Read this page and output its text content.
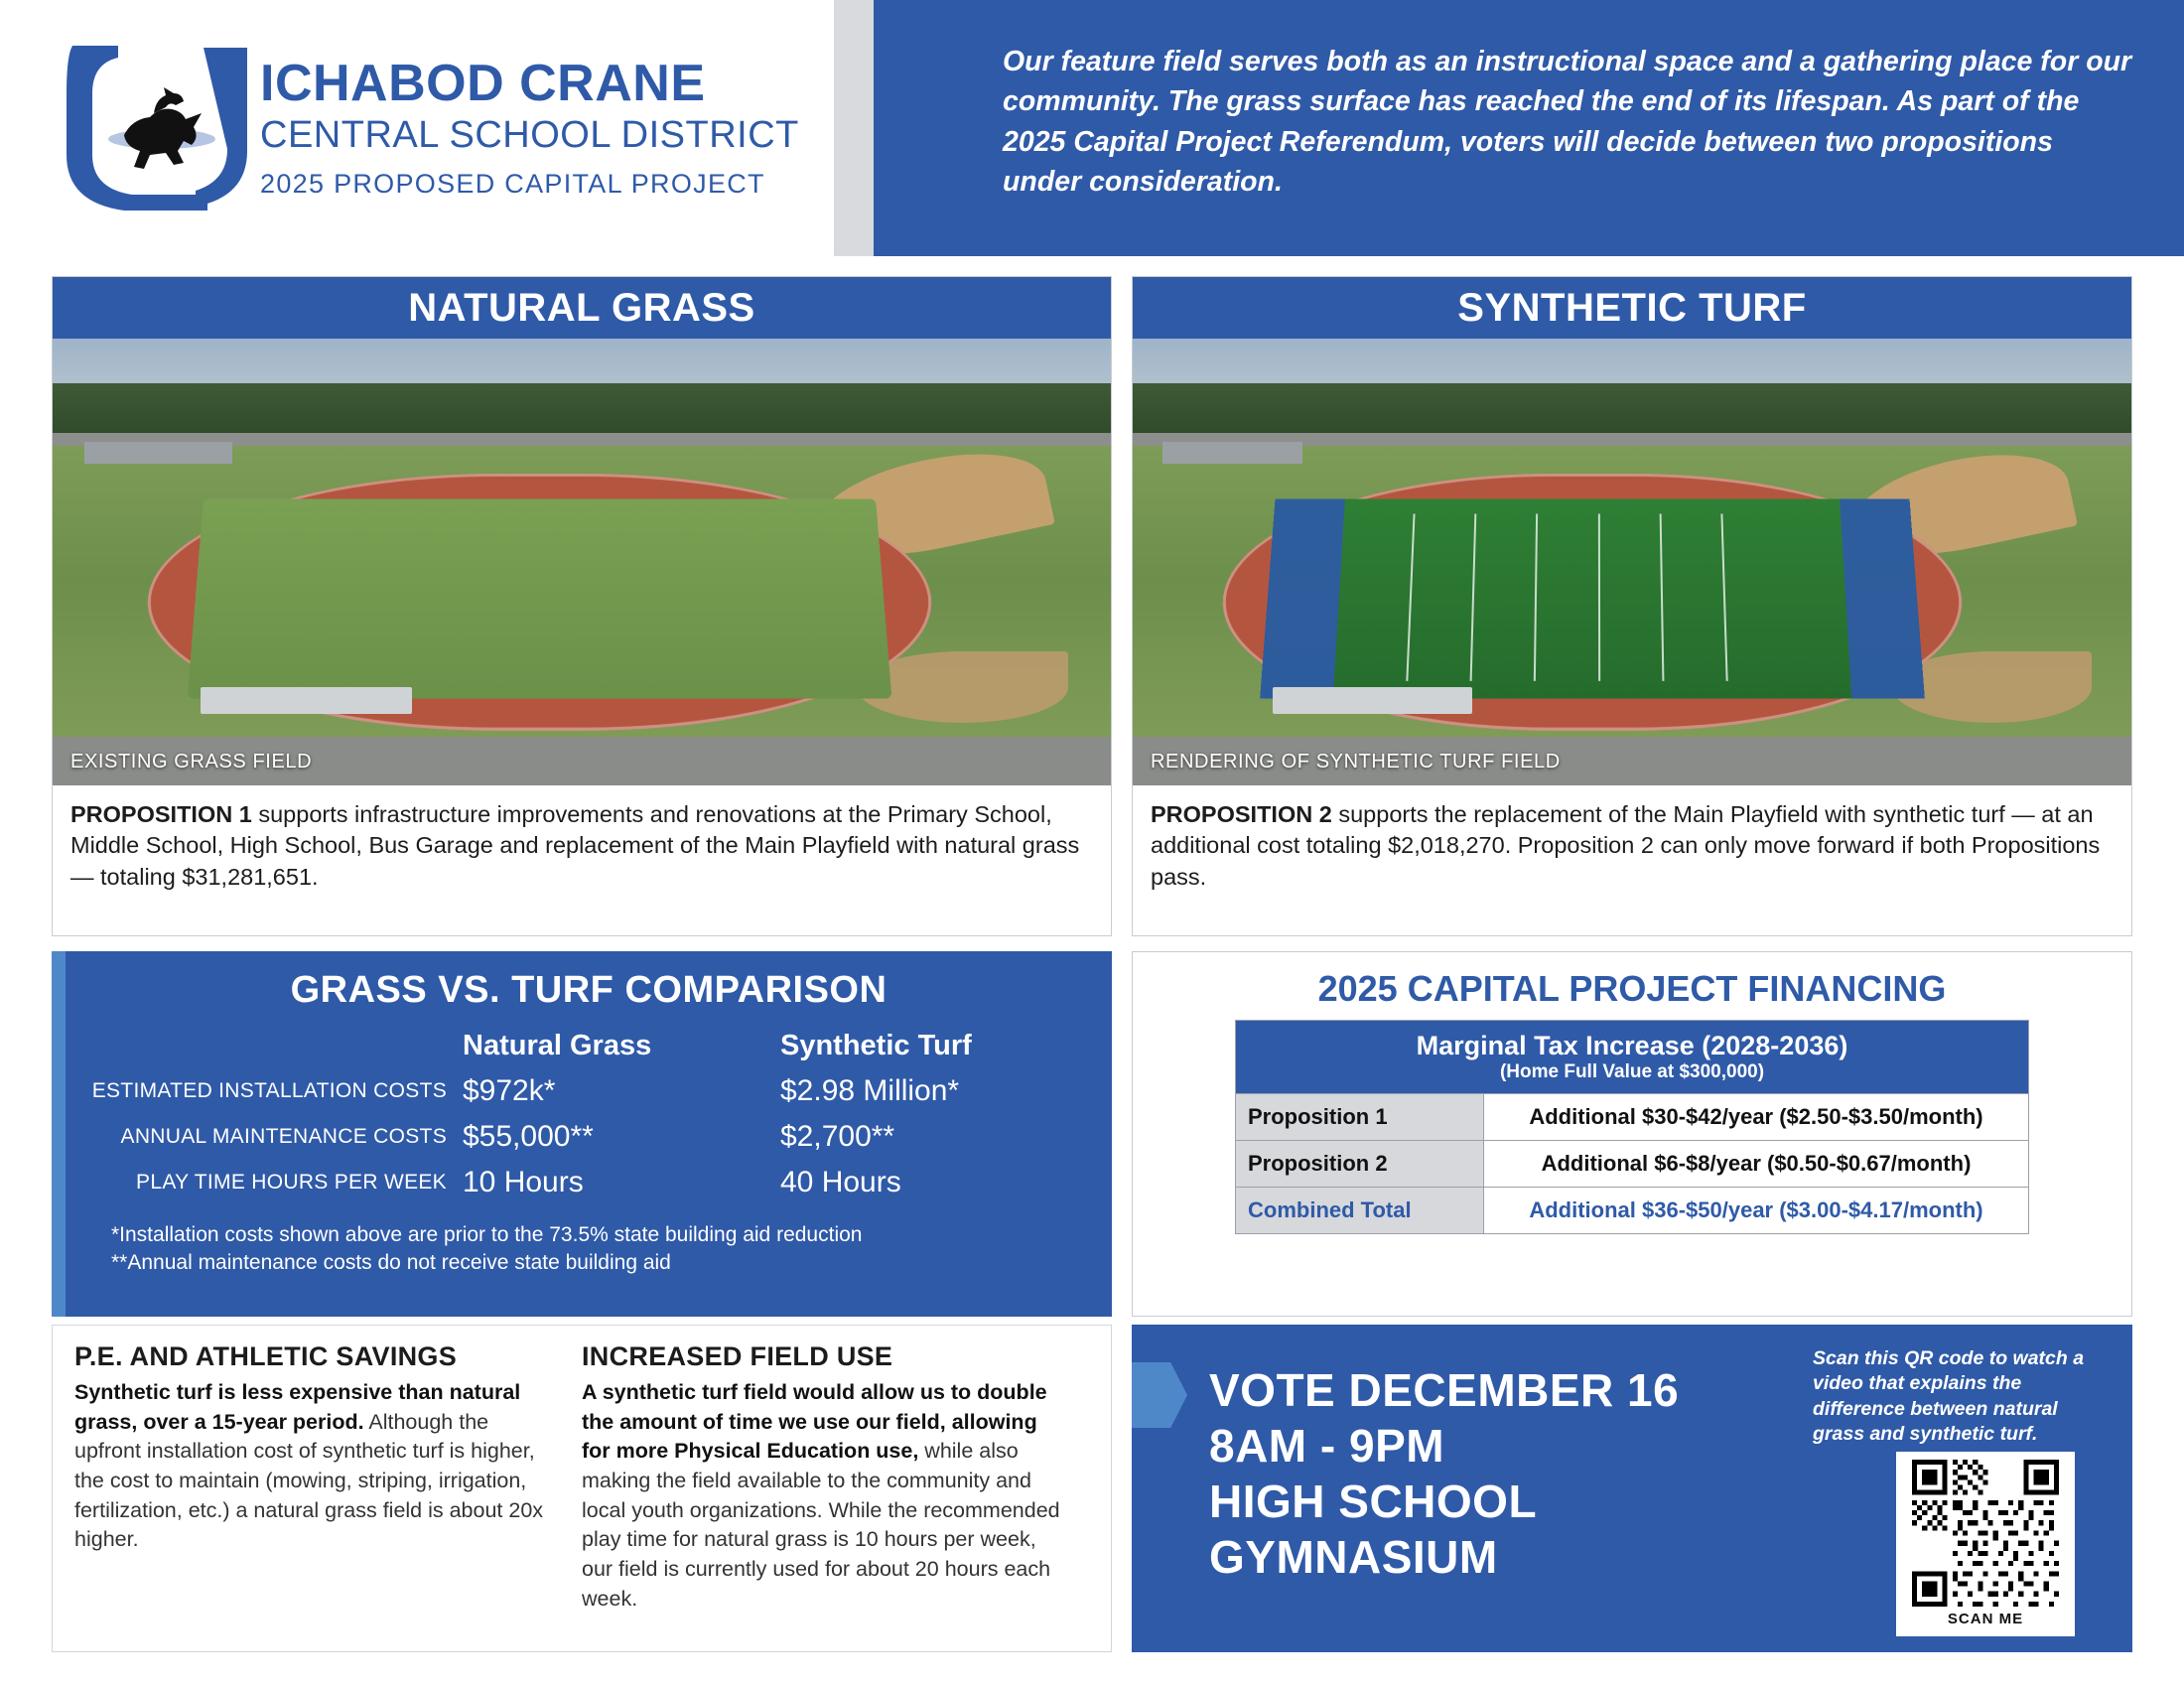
ICHABOD CRANE
CENTRAL SCHOOL DISTRICT
2025 PROPOSED CAPITAL PROJECT
Our feature field serves both as an instructional space and a gathering place for our community. The grass surface has reached the end of its lifespan. As part of the 2025 Capital Project Referendum, voters will decide between two propositions under consideration.
NATURAL GRASS
EXISTING GRASS FIELD
PROPOSITION 1 supports infrastructure improvements and renovations at the Primary School, Middle School, High School, Bus Garage and replacement of the Main Playfield with natural grass — totaling $31,281,651.
SYNTHETIC TURF
RENDERING OF SYNTHETIC TURF FIELD
PROPOSITION 2 supports the replacement of the Main Playfield with synthetic turf — at an additional cost totaling $2,018,270. Proposition 2 can only move forward if both Propositions pass.
GRASS VS. TURF COMPARISON
	Natural Grass	Synthetic Turf
ESTIMATED INSTALLATION COSTS	$972k*	$2.98 Million*
ANNUAL MAINTENANCE COSTS	$55,000**	$2,700**
PLAY TIME HOURS PER WEEK	10 Hours	40 Hours
*Installation costs shown above are prior to the 73.5% state building aid reduction
**Annual maintenance costs do not receive state building aid
2025 CAPITAL PROJECT FINANCING
Marginal Tax Increase (2028-2036)
(Home Full Value at $300,000)	

Proposition 1	Additional $30-$42/year ($2.50-$3.50/month)
Proposition 2	Additional $6-$8/year ($0.50-$0.67/month)
Combined Total	Additional $36-$50/year ($3.00-$4.17/month)
P.E. AND ATHLETIC SAVINGS

Synthetic turf is less expensive than natural grass, over a 15-year period. Although the upfront installation cost of synthetic turf is higher, the cost to maintain (mowing, striping, irrigation, fertilization, etc.) a natural grass field is about 20x higher.

INCREASED FIELD USE

A synthetic turf field would allow us to double the amount of time we use our field, allowing for more Physical Education use, while also making the field available to the community and local youth organizations. While the recommended play time for natural grass is 10 hours per week, our field is currently used for about 20 hours each week.

VOTE DECEMBER 16
8AM - 9PM
HIGH SCHOOL
GYMNASIUM
Scan this QR code to watch a video that explains the difference between natural grass and synthetic turf.
SCAN ME
